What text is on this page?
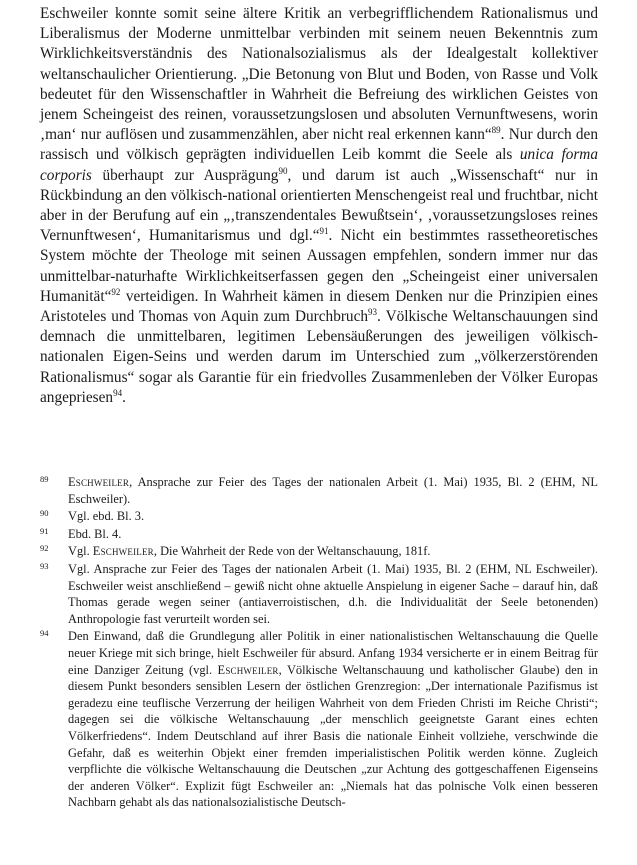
Eschweiler konnte somit seine ältere Kritik an verbegrifflichendem Rationalismus und Liberalismus der Moderne unmittelbar verbinden mit seinem neuen Bekenntnis zum Wirklichkeitsverständnis des Nationalsozialismus als der Idealgestalt kollektiver weltanschaulicher Orientierung. „Die Betonung von Blut und Boden, von Rasse und Volk bedeutet für den Wissenschaftler in Wahrheit die Befreiung des wirklichen Geistes von jenem Scheingeist des reinen, voraussetzungslosen und absoluten Vernunftwesens, worin ‚man‘ nur auflösen und zusammenzählen, aber nicht real erkennen kann“$^{89}$. Nur durch den rassisch und völkisch geprägten individuellen Leib kommt die Seele als unica forma corporis überhaupt zur Ausprägung$^{90}$, und darum ist auch „Wissenschaft“ nur in Rückbindung an den völkisch-national orientierten Menschengeist real und fruchtbar, nicht aber in der Berufung auf ein „‚transzendentales Bewußtsein‘, ‚voraussetzungsloses reines Vernunftwesen‘, Humanitarismus und dgl.“$^{91}$. Nicht ein bestimmtes rassetheoretisches System möchte der Theologe mit seinen Aussagen empfehlen, sondern immer nur das unmittelbar-naturhafte Wirklichkeitserfassen gegen den „Scheingeist einer universalen Humanität“$^{92}$ verteidigen. In Wahrheit kämen in diesem Denken nur die Prinzipien eines Aristoteles und Thomas von Aquin zum Durchbruch$^{93}$. Völkische Weltanschauungen sind demnach die unmittelbaren, legitimen Lebensäußerungen des jeweiligen völkisch-nationalen Eigen-Seins und werden darum im Unterschied zum „völkerzerstörenden Rationalismus“ sogar als Garantie für ein friedvolles Zusammenleben der Völker Europas angepriesen$^{94}$.

89	Eschweiler, Ansprache zur Feier des Tages der nationalen Arbeit (1. Mai) 1935, Bl. 2 (EHM, NL Eschweiler).
90	Vgl. ebd. Bl. 3.
91	Ebd. Bl. 4.
92	Vgl. Eschweiler, Die Wahrheit der Rede von der Weltanschauung, 181f.
93	Vgl. Ansprache zur Feier des Tages der nationalen Arbeit (1. Mai) 1935, Bl. 2 (EHM, NL Eschweiler). Eschweiler weist anschließend – gewiß nicht ohne aktuelle Anspielung in eigener Sache – darauf hin, daß Thomas gerade wegen seiner (antiaverroistischen, d.h. die Individualität der Seele betonenden) Anthropologie fast verurteilt worden sei.
94	Den Einwand, daß die Grundlegung aller Politik in einer nationalistischen Weltanschauung die Quelle neuer Kriege mit sich bringe, hielt Eschweiler für absurd. Anfang 1934 versicherte er in einem Beitrag für eine Danziger Zeitung (vgl. Eschweiler, Völkische Weltanschauung und katholischer Glaube) den in diesem Punkt besonders sensiblen Lesern der östlichen Grenzregion: „Der internationale Pazifismus ist geradezu eine teuflische Verzerrung der heiligen Wahrheit von dem Frieden Christi im Reiche Christi“; dagegen sei die völkische Weltanschauung „der menschlich geeignetste Garant eines echten Völkerfriedens“. Indem Deutschland auf ihrer Basis die nationale Einheit vollziehe, verschwinde die Gefahr, daß es weiterhin Objekt einer fremden imperialistischen Politik werden könne. Zugleich verpflichte die völkische Weltanschauung die Deutschen „zur Achtung des gottgeschaffenen Eigenseins der anderen Völker“. Explizit fügt Eschweiler an: „Niemals hat das polnische Volk einen besseren Nachbarn gehabt als das nationalsozialistische Deutsch-
